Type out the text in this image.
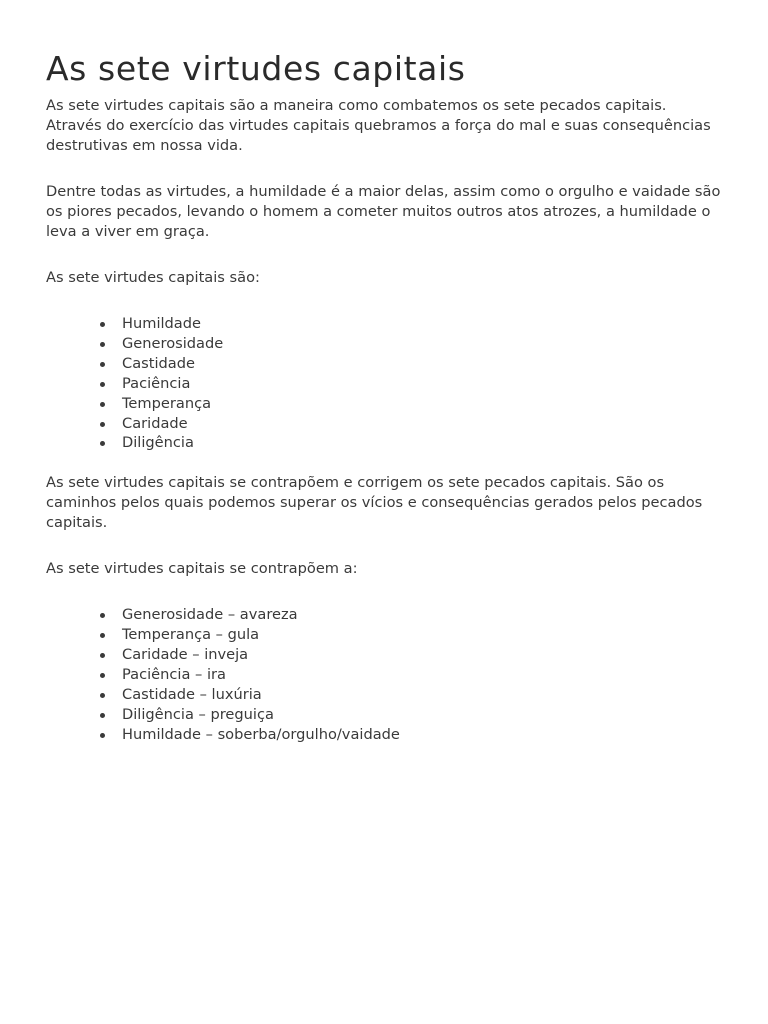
As sete virtudes capitais

As sete virtudes capitais são a maneira como combatemos os sete pecados capitais. Através do exercício das virtudes capitais quebramos a força do mal e suas consequências destrutivas em nossa vida.

Dentre todas as virtudes, a humildade é a maior delas, assim como o orgulho e vaidade são os piores pecados, levando o homem a cometer muitos outros atos atrozes, a humildade o leva a viver em graça.

As sete virtudes capitais são:

Humildade
Generosidade
Castidade
Paciência
Temperança
Caridade
Diligência

As sete virtudes capitais se contrapõem e corrigem os sete pecados capitais. São os caminhos pelos quais podemos superar os vícios e consequências gerados pelos pecados capitais.

As sete virtudes capitais se contrapõem a:

Generosidade – avareza
Temperança – gula
Caridade – inveja
Paciência – ira
Castidade – luxúria
Diligência – preguiça
Humildade – soberba/orgulho/vaidade
